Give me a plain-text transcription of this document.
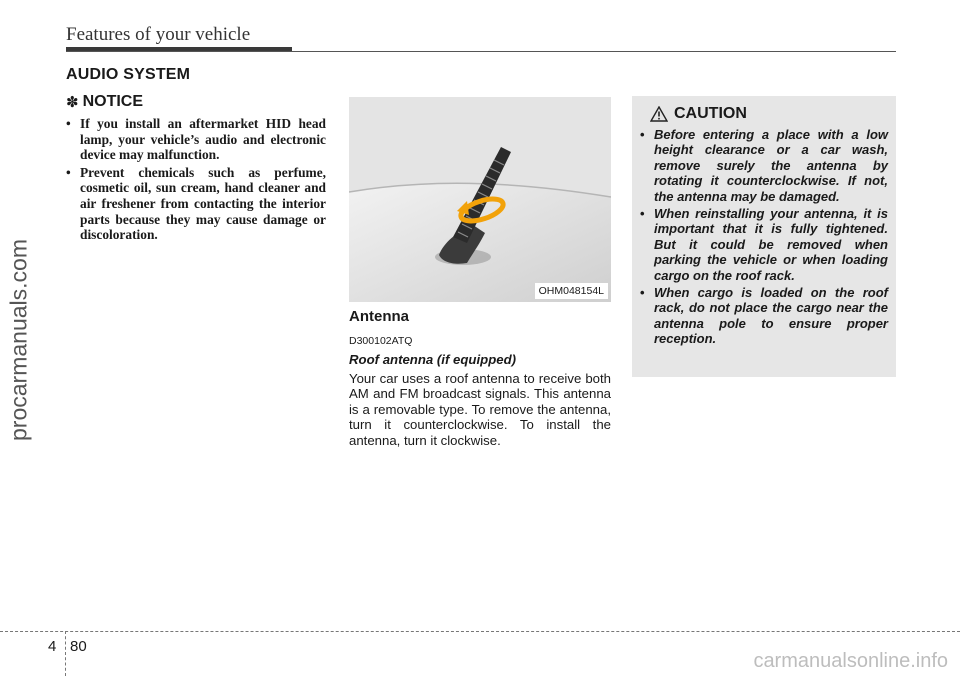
Features of your vehicle
AUDIO SYSTEM
procarmanuals.com
✽ NOTICE
• If you install an aftermarket HID head lamp, your vehicle’s audio and electronic device may malfunction.
• Prevent chemicals such as perfume, cosmetic oil, sun cream, hand cleaner and air freshener from contacting the interior parts because they may cause damage or discoloration.
OHM048154L
Antenna
D300102ATQ
Roof antenna (if equipped)
Your car uses a roof antenna to receive both AM and FM broadcast signals. This antenna is a removable type. To remove the antenna, turn it counterclockwise. To install the antenna, turn it clockwise.
CAUTION
• Before entering a place with a low height clearance or a car wash, remove surely the antenna by rotating it counterclockwise. If not, the antenna may be damaged.
• When reinstalling your antenna, it is important that it is fully tightened. But it could be removed when parking the vehicle or when loading cargo on the roof rack.
• When cargo is loaded on the roof rack, do not place the cargo near the antenna pole to ensure proper reception.
4 80
carmanualsonline.info
